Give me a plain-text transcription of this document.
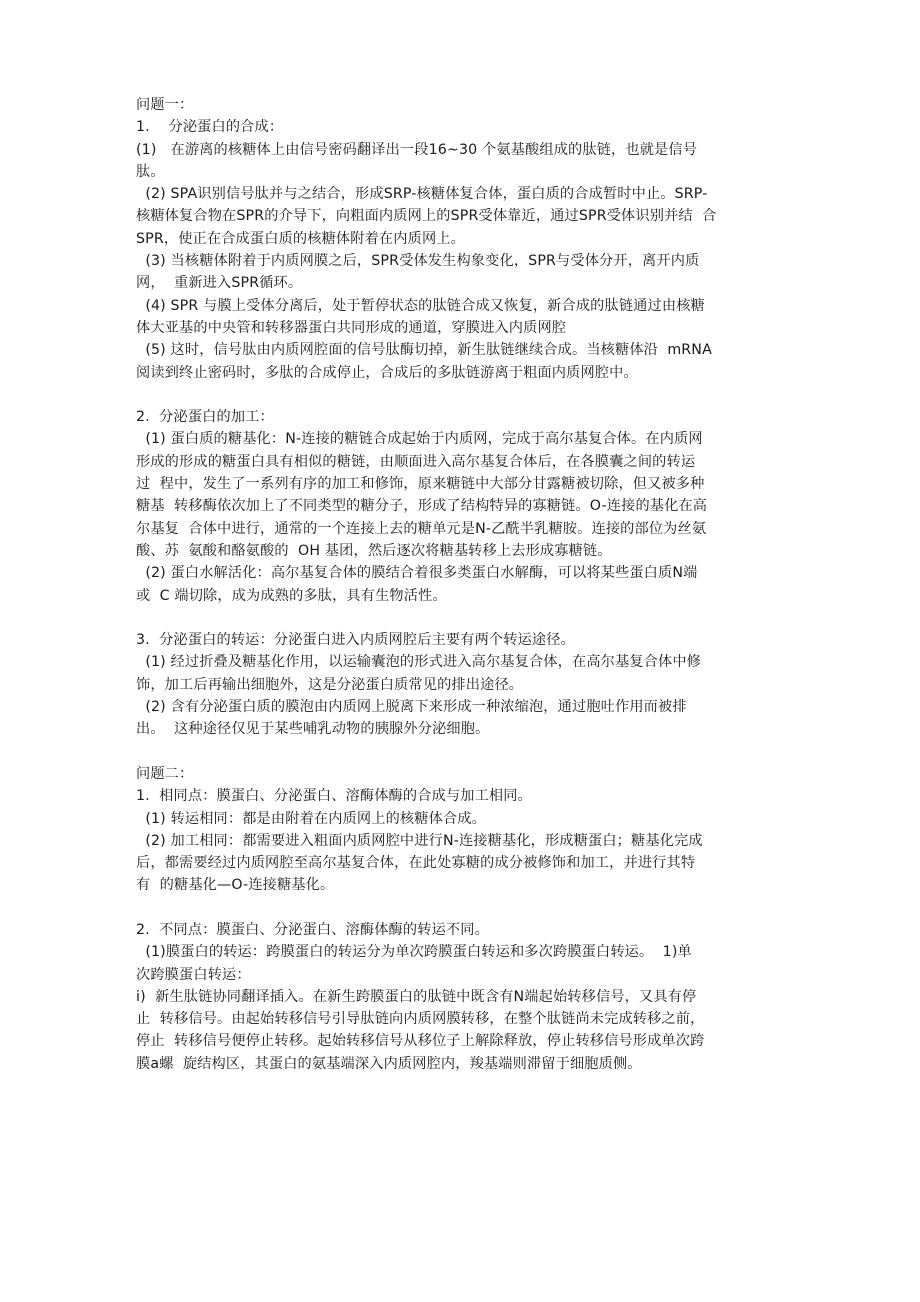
问题一：
1.    分泌蛋白的合成：
(1)   在游离的核糖体上由信号密码翻译出一段16~30 个氨基酸组成的肽链，也就是信号
肽。
(2) SPA识别信号肽并与之结合，形成SRP-核糖体复合体，蛋白质的合成暂时中止。SRP-
核糖体复合物在SPR的介导下，向粗面内质网上的SPR受体靠近，通过SPR受体识别并结  合
SPR，使正在合成蛋白质的核糖体附着在内质网上。
(3) 当核糖体附着于内质网膜之后，SPR受体发生构象变化，SPR与受体分开，离开内质
网，  重新进入SPR循环。
(4) SPR 与膜上受体分离后，处于暂停状态的肽链合成又恢复，新合成的肽链通过由核糖
体大亚基的中央管和转移器蛋白共同形成的通道，穿膜进入内质网腔
(5) 这时，信号肽由内质网腔面的信号肽酶切掉，新生肽链继续合成。当核糖体沿  mRNA
阅读到终止密码时，多肽的合成停止，合成后的多肽链游离于粗面内质网腔中。
2.  分泌蛋白的加工：
(1) 蛋白质的糖基化：N-连接的糖链合成起始于内质网，完成于高尔基复合体。在内质网
形成的形成的糖蛋白具有相似的糖链，由顺面进入高尔基复合体后，在各膜囊之间的转运
过  程中，发生了一系列有序的加工和修饰，原来糖链中大部分甘露糖被切除，但又被多种
糖基  转移酶依次加上了不同类型的糖分子，形成了结构特异的寡糖链。O-连接的基化在高
尔基复  合体中进行，通常的一个连接上去的糖单元是N-乙酰半乳糖胺。连接的部位为丝氨
酸、苏  氨酸和酪氨酸的  OH 基团，然后逐次将糖基转移上去形成寡糖链。
(2) 蛋白水解活化：高尔基复合体的膜结合着很多类蛋白水解酶，可以将某些蛋白质N端
或  C 端切除，成为成熟的多肽，具有生物活性。
3.  分泌蛋白的转运：分泌蛋白进入内质网腔后主要有两个转运途径。
(1) 经过折叠及糖基化作用，以运输囊泡的形式进入高尔基复合体，在高尔基复合体中修
饰，加工后再输出细胞外，这是分泌蛋白质常见的排出途径。
(2) 含有分泌蛋白质的膜泡由内质网上脱离下来形成一种浓缩泡，通过胞吐作用而被排
出。  这种途径仅见于某些哺乳动物的胰腺外分泌细胞。
问题二：
1.  相同点：膜蛋白、分泌蛋白、溶酶体酶的合成与加工相同。
(1) 转运相同：都是由附着在内质网上的核糖体合成。
(2) 加工相同：都需要进入粗面内质网腔中进行N-连接糖基化，形成糖蛋白；糖基化完成
后，都需要经过内质网腔至高尔基复合体，在此处寡糖的成分被修饰和加工，并进行其特
有  的糖基化—O-连接糖基化。
2.  不同点：膜蛋白、分泌蛋白、溶酶体酶的转运不同。
(1)膜蛋白的转运：跨膜蛋白的转运分为单次跨膜蛋白转运和多次跨膜蛋白转运。  1)单
次跨膜蛋白转运：
i)  新生肽链协同翻译插入。在新生跨膜蛋白的肽链中既含有N端起始转移信号，又具有停
止  转移信号。由起始转移信号引导肽链向内质网膜转移，在整个肽链尚未完成转移之前，
停止  转移信号便停止转移。起始转移信号从移位子上解除释放，停止转移信号形成单次跨
膜a螺  旋结构区，其蛋白的氨基端深入内质网腔内，羧基端则滞留于细胞质侧。
